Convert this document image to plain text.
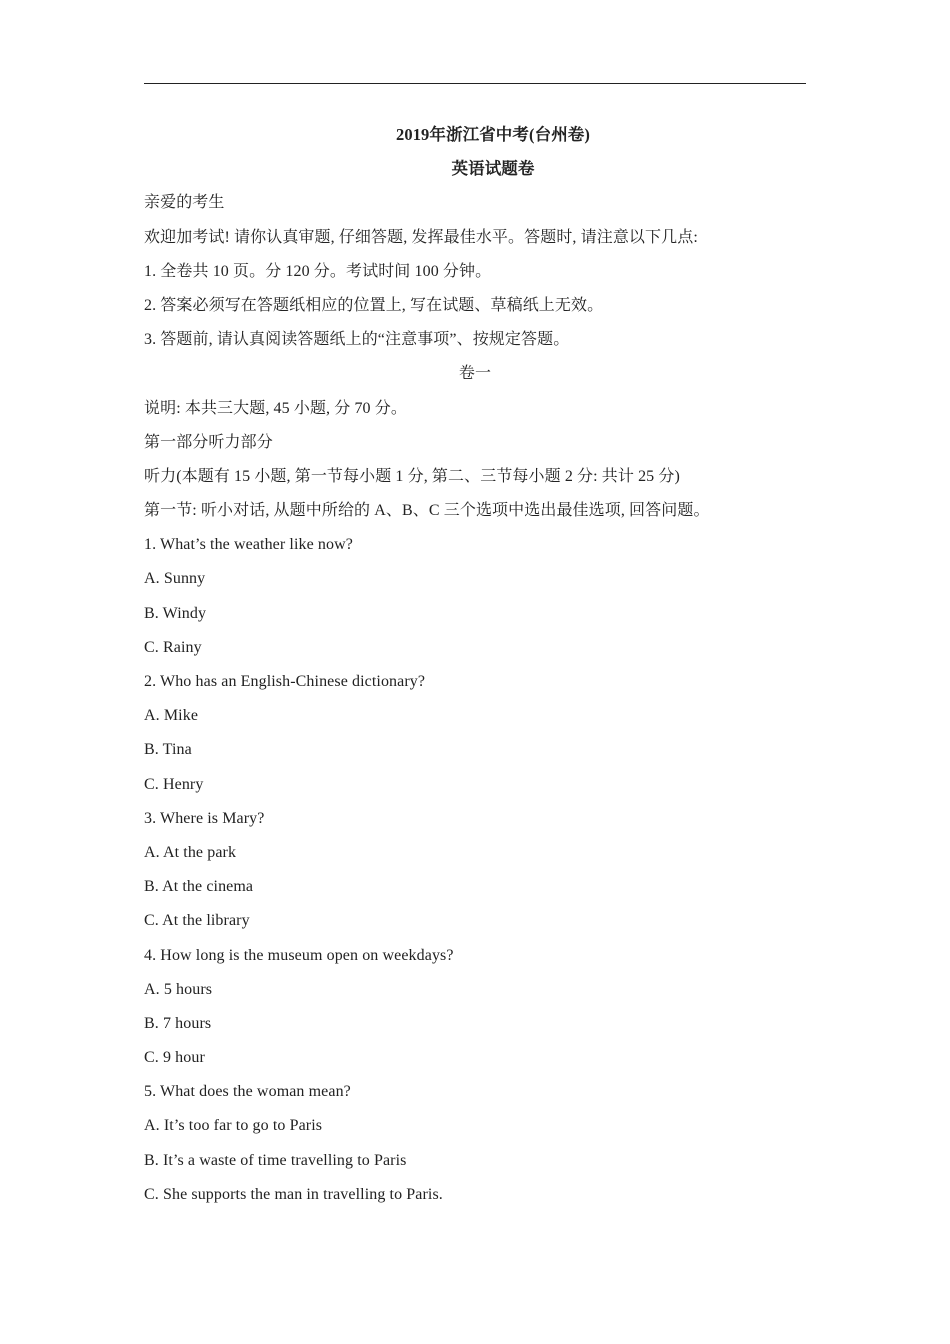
2019年浙江省中考(台州卷)
英语试题卷
亲爱的考生
欢迎加考试! 请你认真审题, 仔细答题, 发挥最佳水平。答题时, 请注意以下几点:
1. 全卷共 10 页。分 120 分。考试时间 100 分钟。
2. 答案必须写在答题纸相应的位置上, 写在试题、草稿纸上无效。
3. 答题前, 请认真阅读答题纸上的“注意事项”、按规定答题。
卷一
说明: 本共三大题, 45 小题, 分 70 分。
第一部分听力部分
听力(本题有 15 小题, 第一节每小题 1 分, 第二、三节每小题 2 分: 共计 25 分)
第一节: 听小对话, 从题中所给的 A、B、C 三个选项中选出最佳选项, 回答问题。
1. What’s the weather like now?
A. Sunny
B. Windy
C. Rainy
2. Who has an English-Chinese dictionary?
A. Mike
B. Tina
C. Henry
3. Where is Mary?
A. At the park
B. At the cinema
C. At the library
4. How long is the museum open on weekdays?
A. 5 hours
B. 7 hours
C. 9 hour
5. What does the woman mean?
A. It’s too far to go to Paris
B. It’s a waste of time travelling to Paris
C. She supports the man in travelling to Paris.
